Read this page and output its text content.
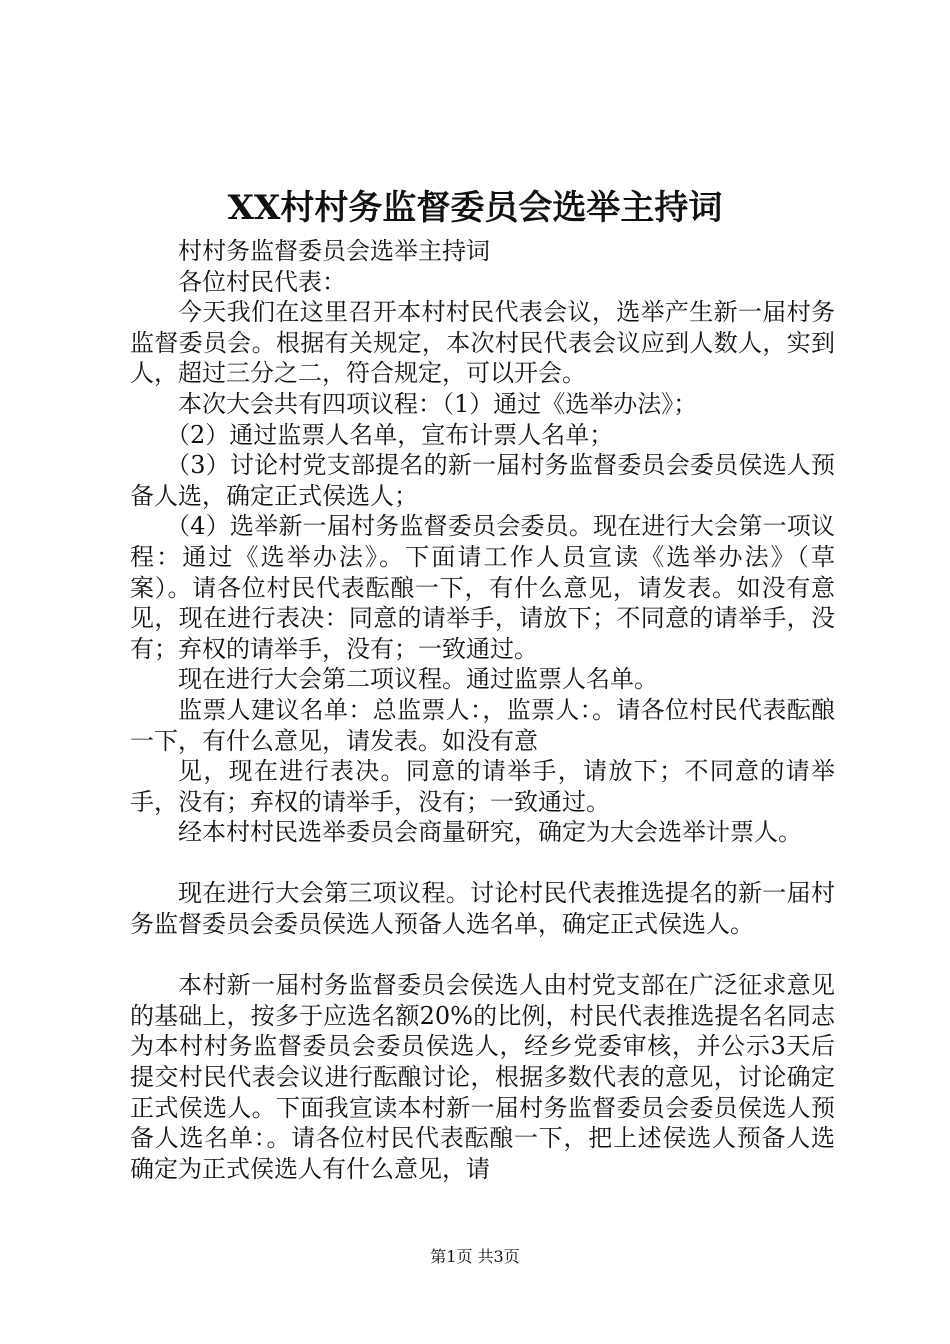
XX村村务监督委员会选举主持词

村村务监督委员会选举主持词

各位村民代表：

今天我们在这里召开本村村民代表会议，选举产生新一届村务监督委员会。根据有关规定，本次村民代表会议应到人数人，实到人，超过三分之二，符合规定，可以开会。

本次大会共有四项议程：（1）通过《选举办法》；

（2）通过监票人名单，宣布计票人名单；

（3）讨论村党支部提名的新一届村务监督委员会委员侯选人预备人选，确定正式侯选人；

（4）选举新一届村务监督委员会委员。现在进行大会第一项议程：通过《选举办法》。下面请工作人员宣读《选举办法》（草案）。请各位村民代表酝酿一下，有什么意见，请发表。如没有意见，现在进行表决：同意的请举手，请放下；不同意的请举手，没有；弃权的请举手，没有；一致通过。

现在进行大会第二项议程。通过监票人名单。

监票人建议名单：总监票人：，监票人：。请各位村民代表酝酿一下，有什么意见，请发表。如没有意

见，现在进行表决。同意的请举手，请放下；不同意的请举手，没有；弃权的请举手，没有；一致通过。

经本村村民选举委员会商量研究，确定为大会选举计票人。

现在进行大会第三项议程。讨论村民代表推选提名的新一届村务监督委员会委员侯选人预备人选名单，确定正式侯选人。

本村新一届村务监督委员会侯选人由村党支部在广泛征求意见的基础上，按多于应选名额20%的比例，村民代表推选提名名同志为本村村务监督委员会委员侯选人，经乡党委审核，并公示3天后提交村民代表会议进行酝酿讨论，根据多数代表的意见，讨论确定正式侯选人。下面我宣读本村新一届村务监督委员会委员侯选人预备人选名单：。请各位村民代表酝酿一下，把上述侯选人预备人选确定为正式侯选人有什么意见，请

第1页 共3页
